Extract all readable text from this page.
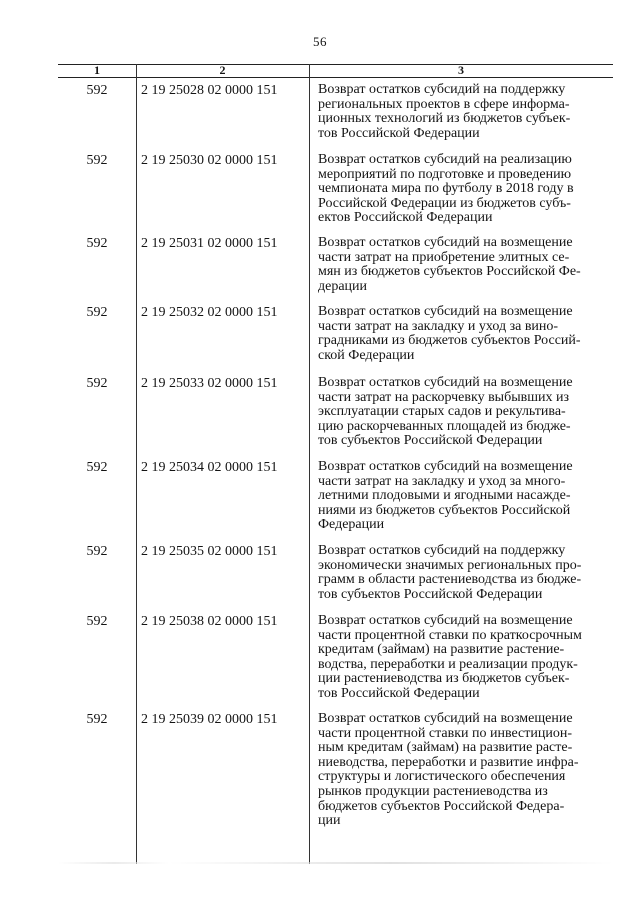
56
1	2	3
592	2 19 25028 02 0000 151	Возврат остатков субсидий на поддержку
региональных проектов в сфере информа-
ционных технологий из бюджетов субъек-
тов Российской Федерации
592	2 19 25030 02 0000 151	Возврат остатков субсидий на реализацию
мероприятий по подготовке и проведению
чемпионата мира по футболу в 2018 году в
Российской Федерации из бюджетов субъ-
ектов Российской Федерации
592	2 19 25031 02 0000 151	Возврат остатков субсидий на возмещение
части затрат на приобретение элитных се-
мян из бюджетов субъектов Российской Фе-
дерации
592	2 19 25032 02 0000 151	Возврат остатков субсидий на возмещение
части затрат на закладку и уход за вино-
градниками из бюджетов субъектов Россий-
ской Федерации
592	2 19 25033 02 0000 151	Возврат остатков субсидий на возмещение
части затрат на раскорчевку выбывших из
эксплуатации старых садов и рекультива-
цию раскорчеванных площадей из бюдже-
тов субъектов Российской Федерации
592	2 19 25034 02 0000 151	Возврат остатков субсидий на возмещение
части затрат на закладку и уход за много-
летними плодовыми и ягодными насажде-
ниями из бюджетов субъектов Российской
Федерации
592	2 19 25035 02 0000 151	Возврат остатков субсидий на поддержку
экономически значимых региональных про-
грамм в области растениеводства из бюдже-
тов субъектов Российской Федерации
592	2 19 25038 02 0000 151	Возврат остатков субсидий на возмещение
части процентной ставки по краткосрочным
кредитам (займам) на развитие растение-
водства, переработки и реализации продук-
ции растениеводства из бюджетов субъек-
тов Российской Федерации
592	2 19 25039 02 0000 151	Возврат остатков субсидий на возмещение
части процентной ставки по инвестицион-
ным кредитам (займам) на развитие расте-
ниеводства, переработки и развитие инфра-
структуры и логистического обеспечения
рынков продукции растениеводства из
бюджетов субъектов Российской Федера-
ции
